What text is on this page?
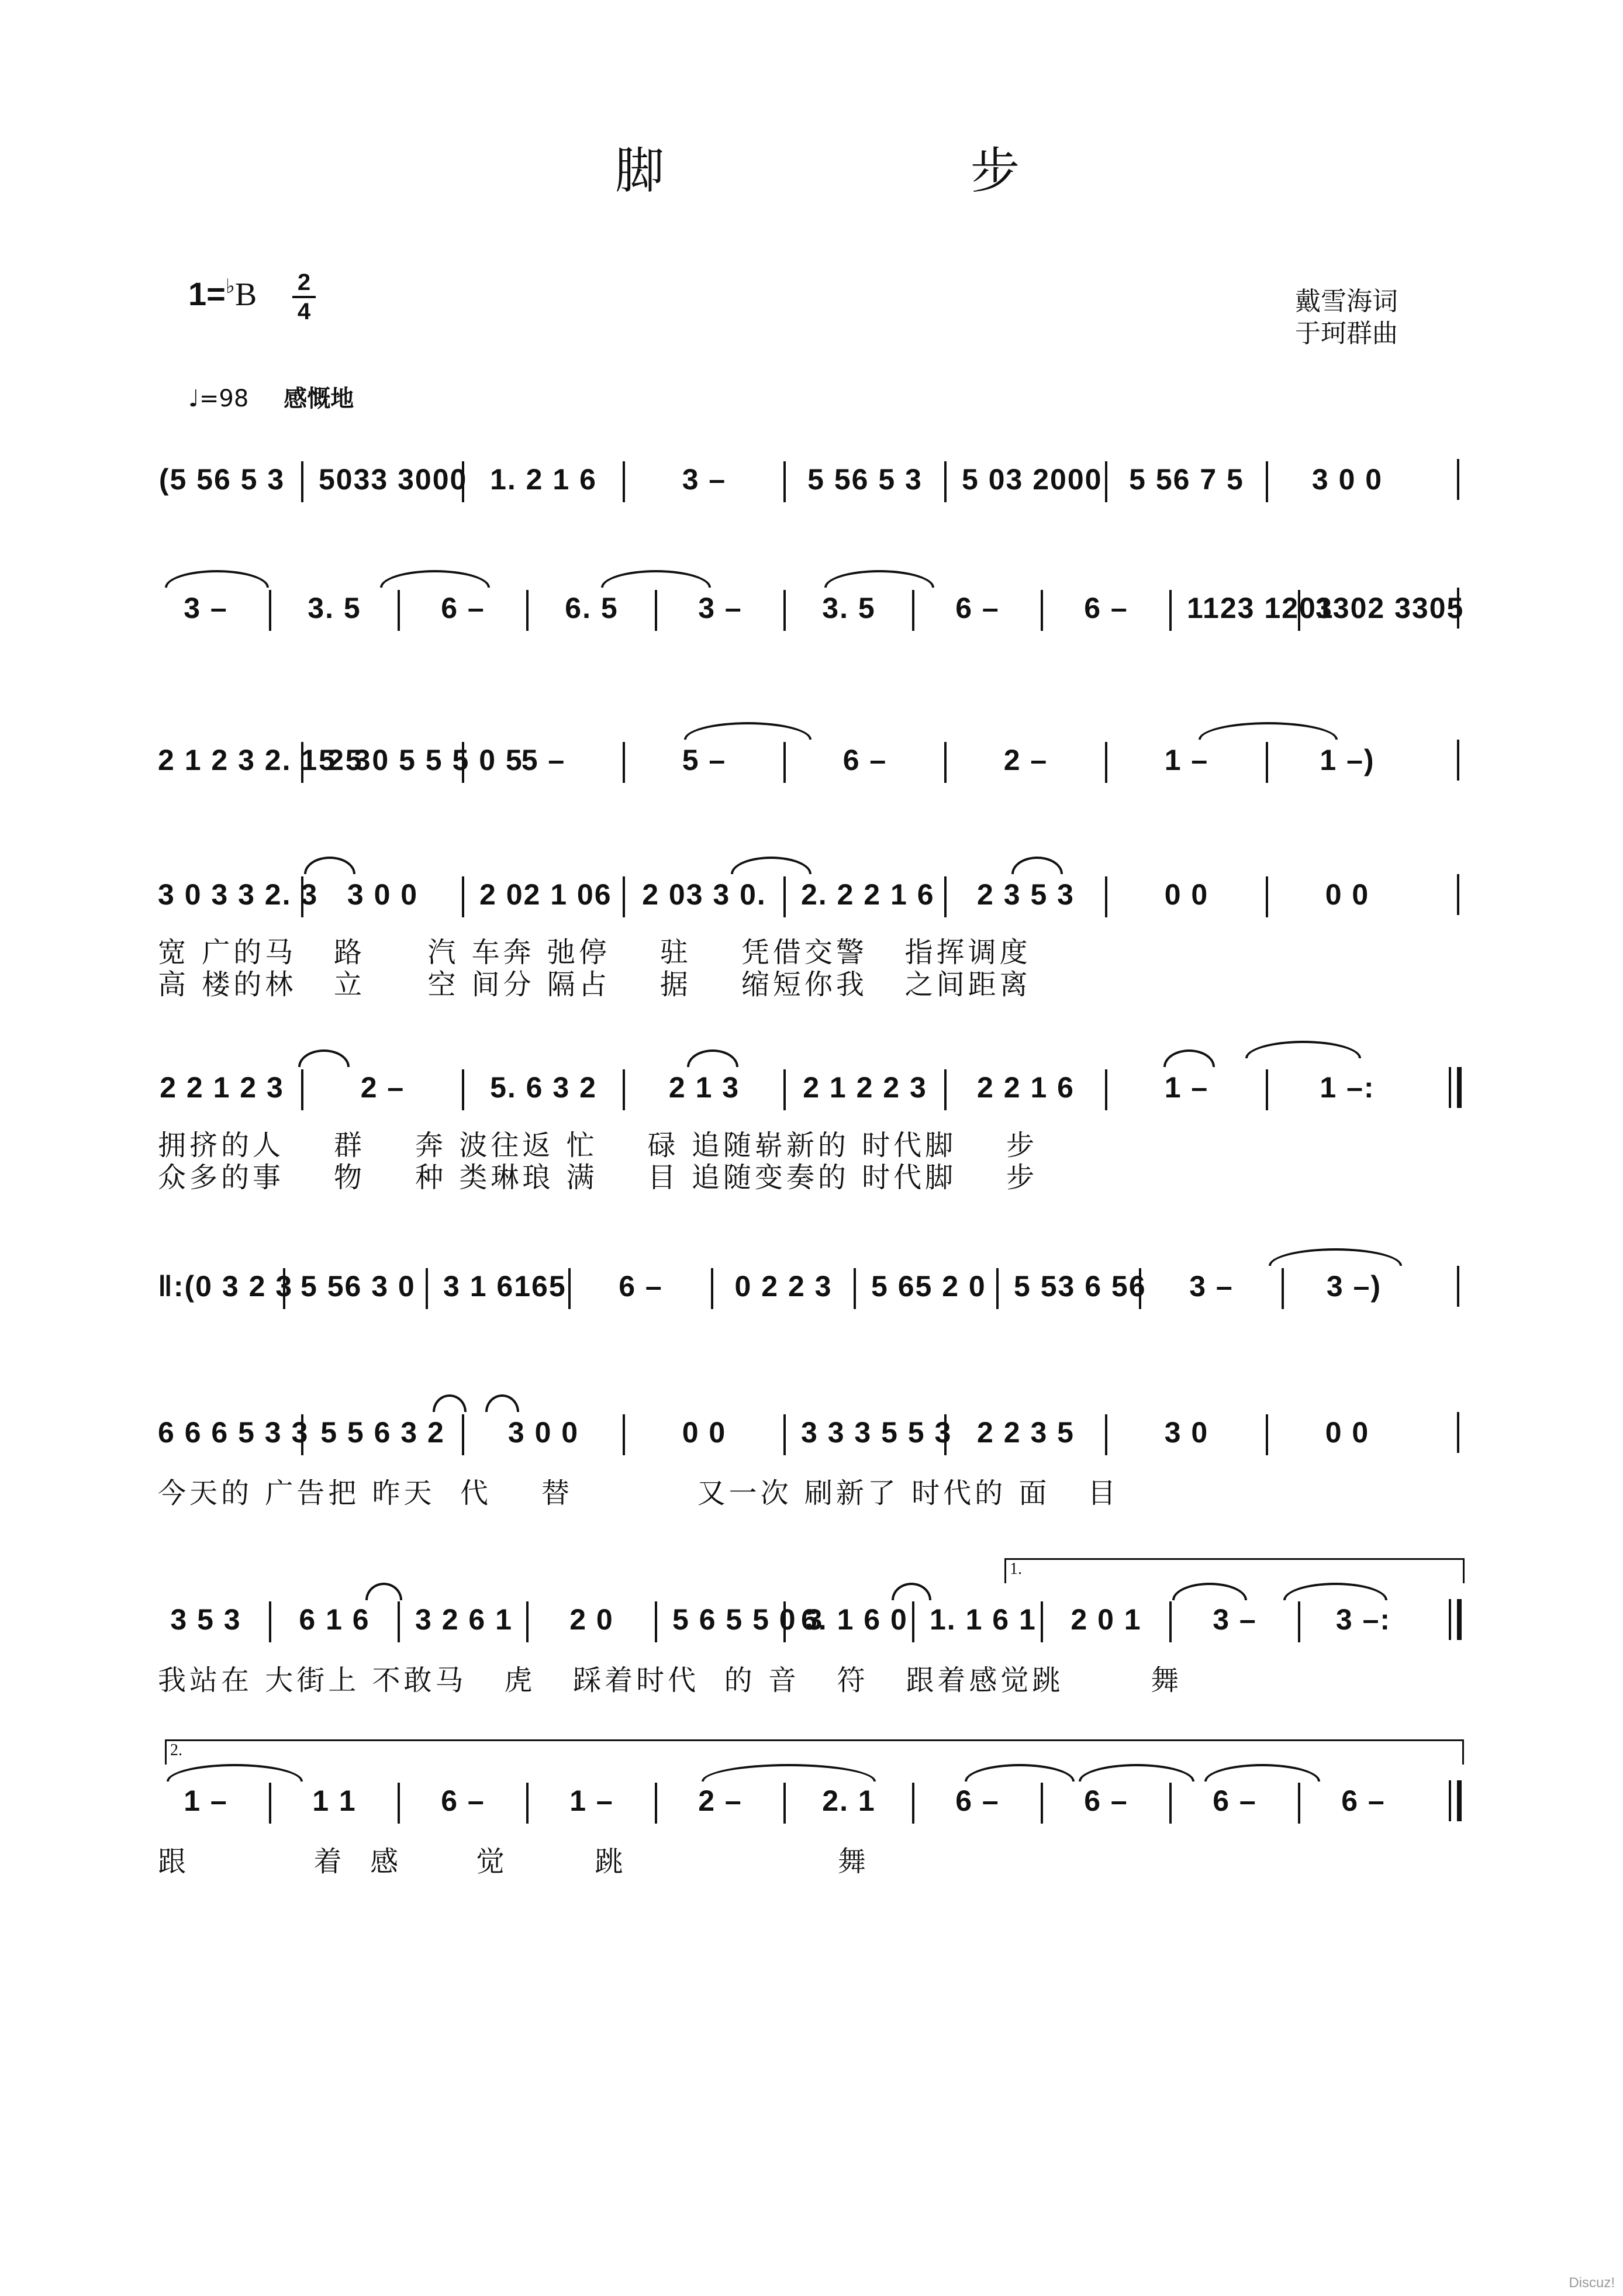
脚	步
1=♭B 2
4	戴雪海词
于珂群曲
♩=98 感慨地
(5 56 5 3 5033 3000 1. 2 1 6	3 –	5 56 5 3 5 03 2000 5 56 7 5 3 0 0
3 –	3. 5	6 –	6. 5	3 –	3. 5	6 –	6 – 1123 12013302 3305
2 1 2 3 2. 1 2 35 5 0 5 5 5 0 55 –	5 –	6 –	2 –	1 –	1 –)
3 0 3 3 2. 3 3 0 0 2 02 1 06 2 03 3 0. 2. 2 2 1 6 2 3 5 3	0 0	0 0
宽 广的马   路     汽 车奔 弛停    驻    凭借交警   指挥调度
高 楼的林   立     空 间分 隔占    据    缩短你我   之间距离
2 2 1 2 3	2 –	5. 6 3 2 2 1 3 2 1 2 2 3 2 2 1 6	1 –	1 –:
拥挤的人    群    奔 波往返 忙    碌 追随崭新的 时代脚    步
众多的事    物    种 类琳琅 满    目 追随变奏的 时代脚    步
‖:(0 3 2 3 5 56 3 0 3 1 6165 6 – 0 2 2 3 5 65 2 0 5 53 6 56 3 –	3 –)
6 6 6 5 3 3 5 5 6 3 2 3 0 0	0 0	3 3 3 5 5 3 2 2 3 5	3 0	0 0
今天的 广告把 昨天  代    替          又一次 刷新了 时代的 面   目
1.
3 5 3 6 1 6 3 2 6 1 2 0 5 6 5 5 0 36. 1 6 0 1. 1 6 1 2 0 1 3 –	3 –:
我站在 大街上 不敢马   虎   踩着时代  的 音   符   跟着感觉跳       舞
2.
1 –	1 1	6 –	1 –	2 –	2. 1	6 –	6 –	6 –	6 –
跟          着  感      觉       跳                 舞
Discuz!
